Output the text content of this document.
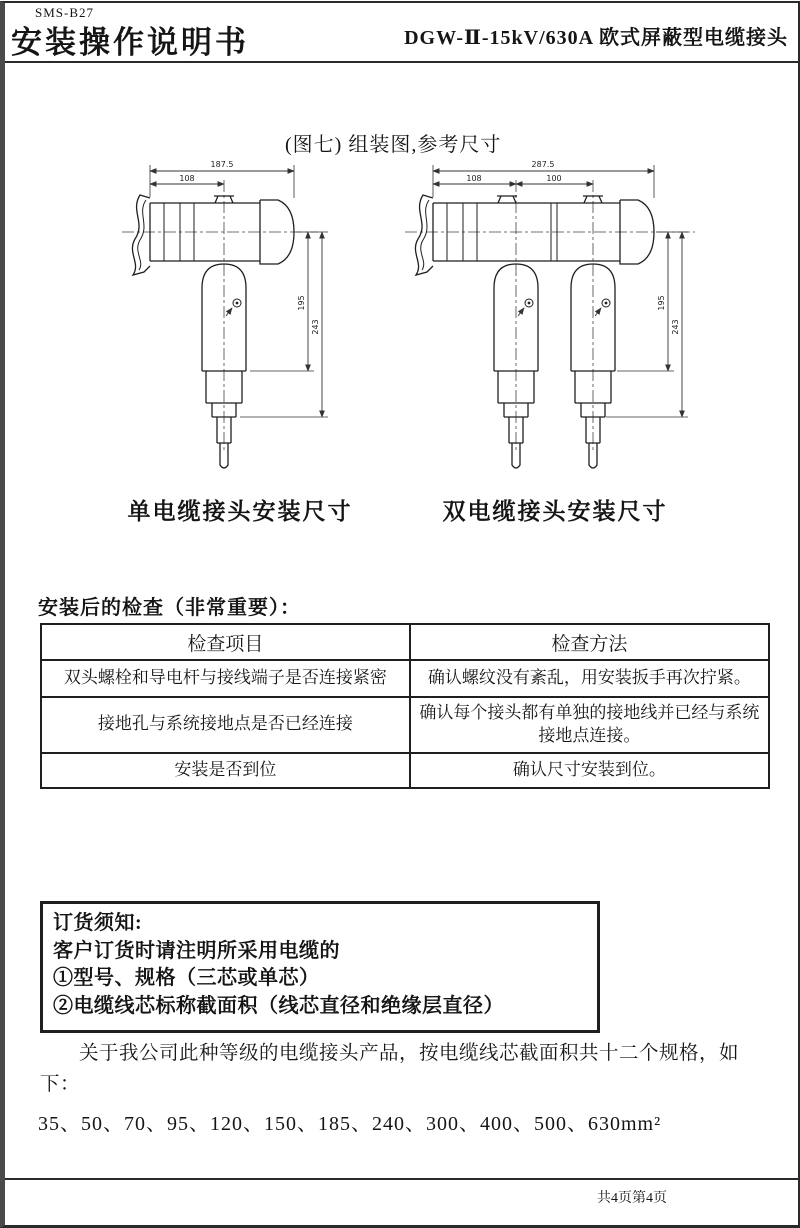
SMS-B27
安装操作说明书	DGW-Ⅱ-15kV/630A 欧式屏蔽型电缆接头
(图七) 组装图,参考尺寸
187.5
108
195
243
287.5
108	100
195
243
单电缆接头安装尺寸	双电缆接头安装尺寸
安装后的检查（非常重要）：
检查项目	检查方法
双头螺栓和导电杆与接线端子是否连接紧密	确认螺纹没有紊乱，用安装扳手再次拧紧。
接地孔与系统接地点是否已经连接	确认每个接头都有单独的接地线并已经与系统接地点连接。
安装是否到位	确认尺寸安装到位。
订货须知:
客户订货时请注明所采用电缆的
①型号、规格（三芯或单芯）
②电缆线芯标称截面积（线芯直径和绝缘层直径）
关于我公司此种等级的电缆接头产品，按电缆线芯截面积共十二个规格，如下：
35、50、70、95、120、150、185、240、300、400、500、630mm²
共4页第4页
